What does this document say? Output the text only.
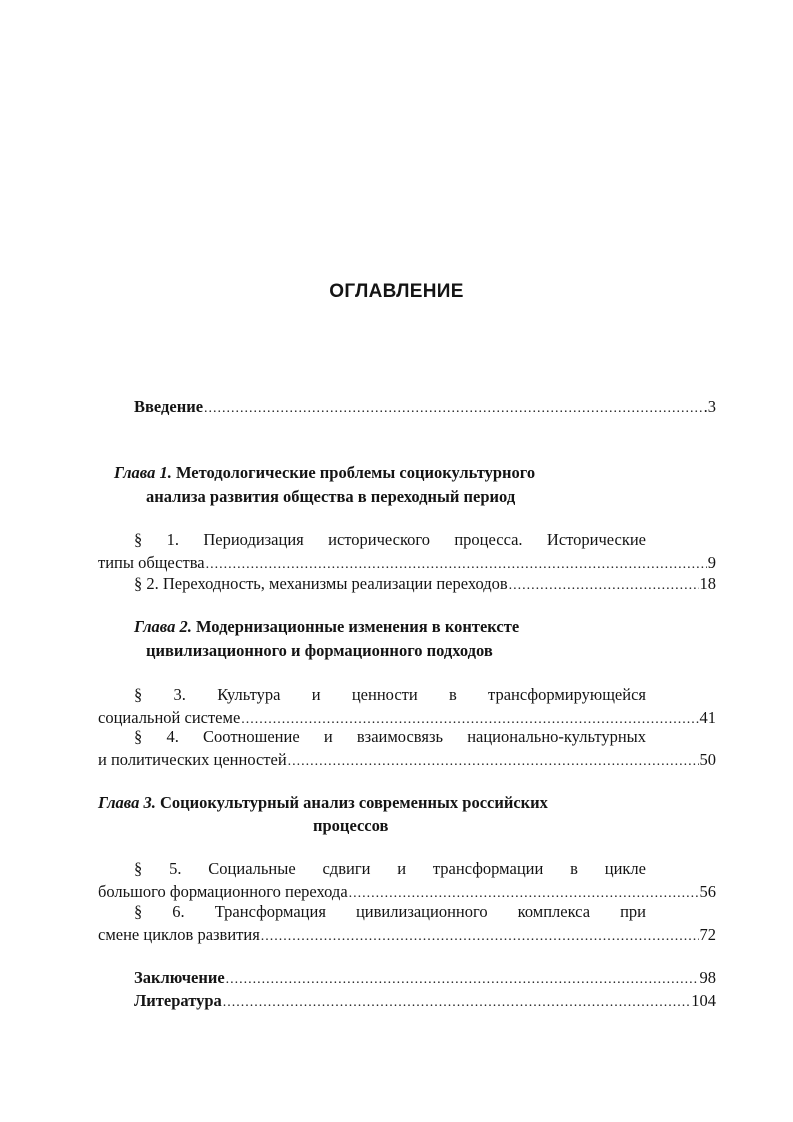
ОГЛАВЛЕНИЕ
Введение .....	.3
Глава 1. Методологические проблемы социокультурного
анализа развития общества в переходный период
§ 1. Периодизация исторического процесса. Исторические
типы общества .....	9
§ 2. Переходность, механизмы реализации переходов .....	18
Глава 2. Модернизационные изменения в контексте
цивилизационного и формационного подходов
§ 3. Культура и ценности в трансформирующейся
социальной системе .....	41
§ 4. Соотношение и взаимосвязь национально-культурных
и политических ценностей .....	50
Глава 3. Социокультурный анализ современных российских
процессов
§ 5. Социальные сдвиги и трансформации в цикле
большого формационного перехода .....	56
§ 6. Трансформация цивилизационного комплекса при
смене циклов развития .....	72
Заключение .....	98
Литература .....	104
